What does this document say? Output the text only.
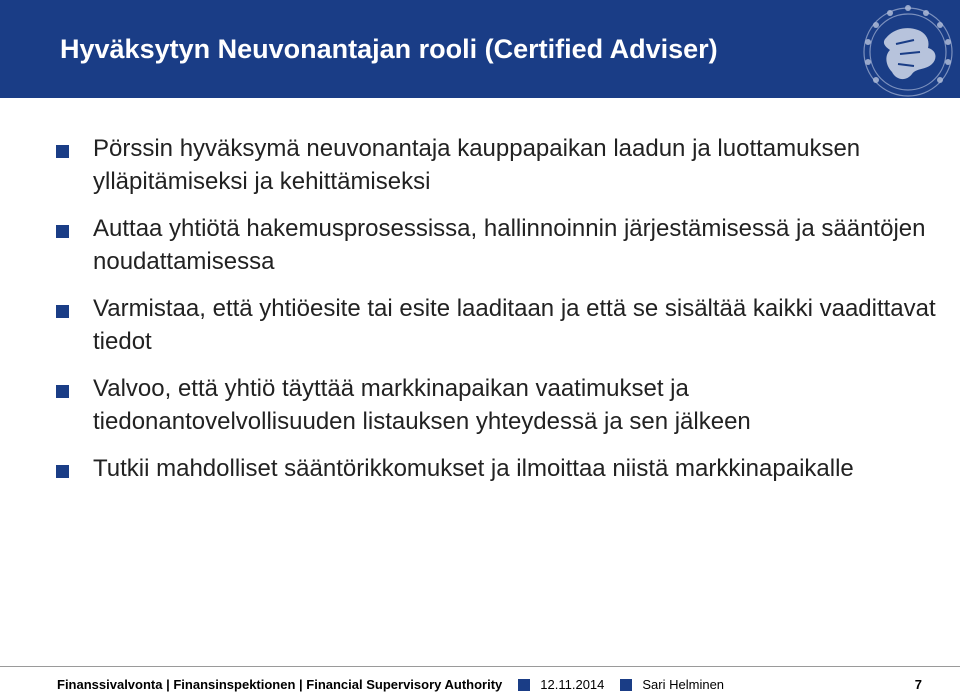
Hyväksytyn Neuvonantajan rooli (Certified Adviser)
Pörssin hyväksymä neuvonantaja kauppapaikan laadun ja luottamuksen ylläpitämiseksi ja kehittämiseksi
Auttaa yhtiötä hakemusprosessissa, hallinnoinnin järjestämisessä ja sääntöjen noudattamisessa
Varmistaa, että yhtiöesite tai esite laaditaan ja että se sisältää kaikki vaadittavat tiedot
Valvoo, että yhtiö täyttää markkinapaikan vaatimukset ja tiedonantovelvollisuuden listauksen yhteydessä ja sen jälkeen
Tutkii mahdolliset sääntörikkomukset ja ilmoittaa niistä markkinapaikalle
Finanssivalvonta | Finansinspektionen | Financial Supervisory Authority	12.11.2014	Sari Helminen	7
